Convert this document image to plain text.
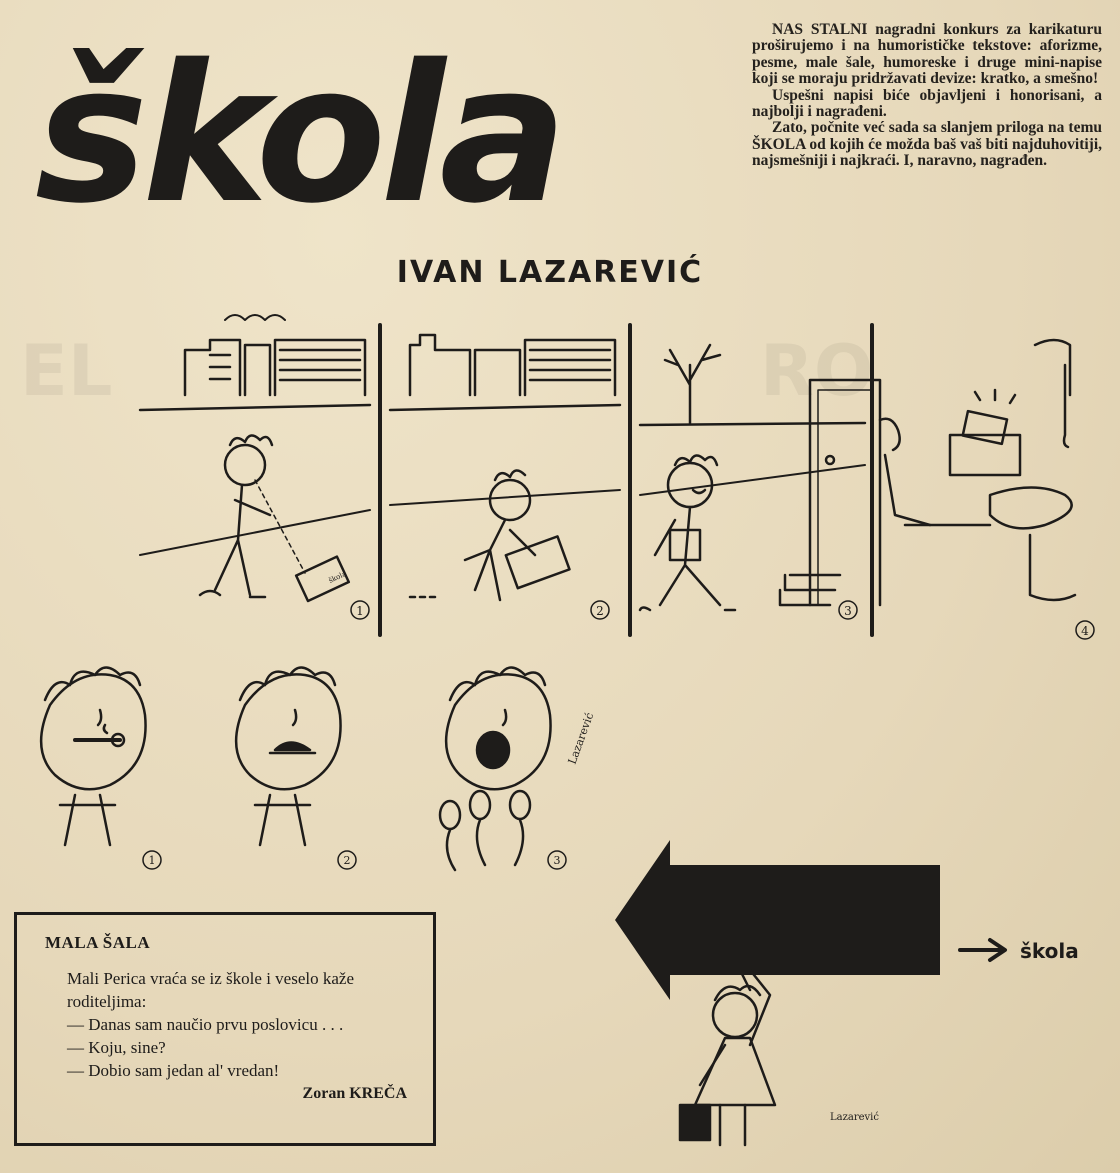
EL	RO
škola
IVAN LAZAREVIĆ

NAS STALNI nagradni konkurs za karikaturu proširujemo i na humorističke tekstove: aforizme, pesme, male šale, humoreske i druge mini-napise koji se moraju pridržavati devize: kratko, a smešno!

Uspešni napisi biće objavljeni i honorisani, a najbolji i nagrađeni.

Zato, počnite već sada sa slanjem priloga na temu ŠKOLA od kojih će možda baš vaš biti najduhovitiji, najsmešniji i najkraći. I, naravno, nagrađen.

1	2	3
4
škola
Lazarević
1	2	3
škola
Lazarević
MALA ŠALA
Mali Perica vraća se iz škole i veselo kaže roditeljima:
— Danas sam naučio prvu poslovicu . . .
— Koju, sine?
— Dobio sam jedan al' vredan!
Zoran KREČA
